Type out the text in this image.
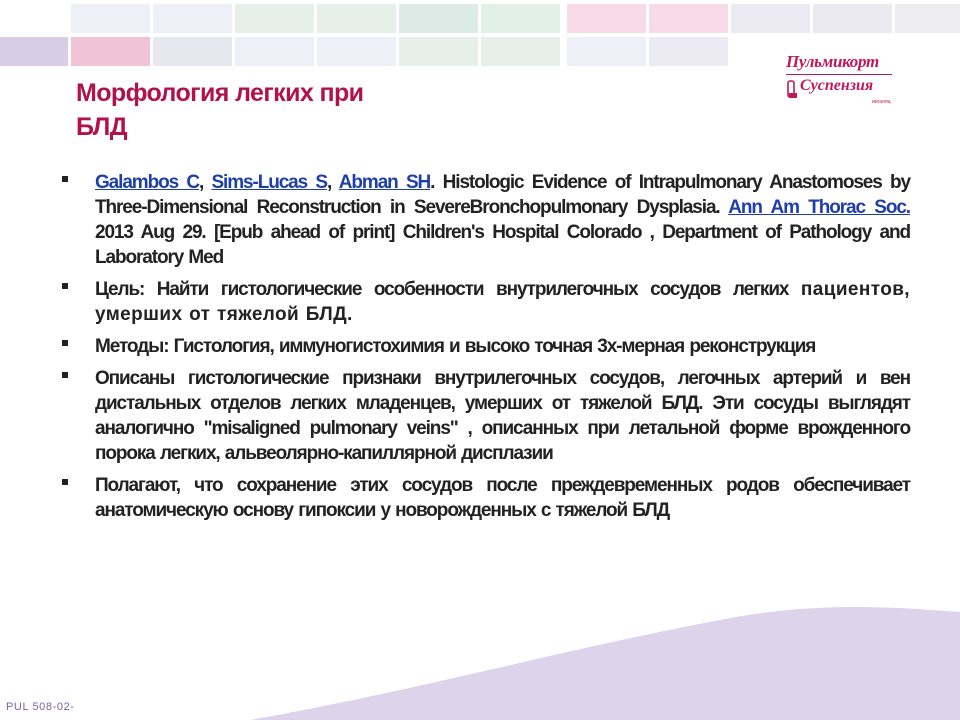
Пульмикорт
Суспензия
ингаляц
Морфология легких при
БЛД

Galambos C, Sims-Lucas S, Abman SH. Histologic Evidence of Intrapulmonary Anastomoses by Three-Dimensional Reconstruction in SevereBronchopulmonary Dysplasia. Ann Am Thorac Soc. 2013 Aug 29. [Epub ahead of print] Children's Hospital Colorado , Department of Pathology and Laboratory Med

Цель: Найти гистологические особенности внутрилегочных сосудов легких пациентов, умерших от тяжелой БЛД.

Методы: Гистология, иммуногистохимия и высоко точная 3х-мерная реконструкция

Описаны гистологические признаки внутрилегочных сосудов, легочных артерий и вен дистальных отделов легких младенцев, умерших от тяжелой БЛД. Эти сосуды выглядят аналогично "misaligned pulmonary veins" , описанных при летальной форме врожденного порока легких, альвеолярно-капиллярной дисплазии

Полагают, что сохранение этих сосудов после преждевременных родов обеспечивает анатомическую основу гипоксии у новорожденных с тяжелой БЛД

PUL 508-02-
